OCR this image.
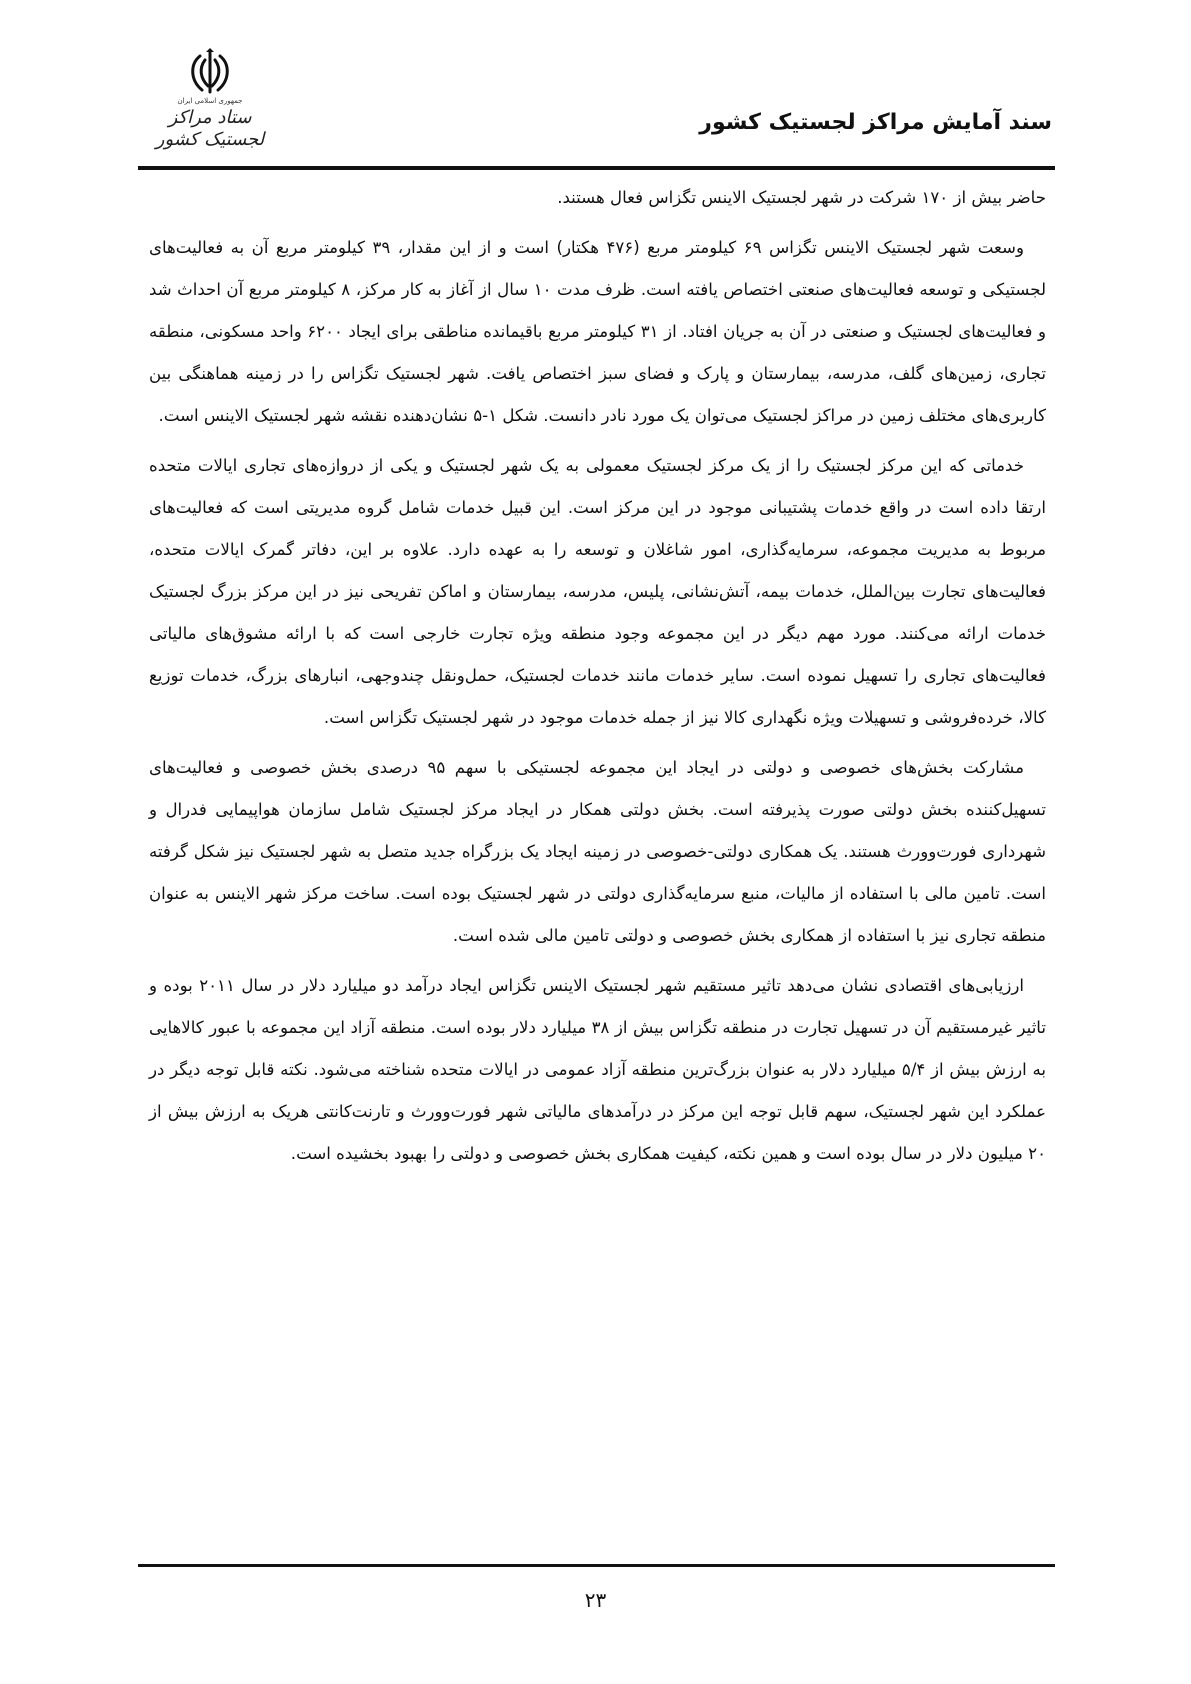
جمهوری اسلامی ایران
ستاد مراکز لجستیک کشور
سند آمایش مراکز لجستیک کشور

حاضر بیش از ۱۷۰ شرکت در شهر لجستیک الاینس تگزاس فعال هستند.

وسعت شهر لجستیک الاینس تگزاس ۶۹ کیلومتر مربع (۴۷۶ هکتار) است و از این مقدار، ۳۹ کیلومتر مربع آن به فعالیت‌های لجستیکی و توسعه فعالیت‌های صنعتی اختصاص یافته است. ظرف مدت ۱۰ سال از آغاز به کار مرکز، ۸ کیلومتر مربع آن احداث شد و فعالیت‌های لجستیک و صنعتی در آن به جریان افتاد. از ۳۱ کیلومتر مربع باقیمانده مناطقی برای ایجاد ۶۲۰۰ واحد مسکونی، منطقه تجاری، زمین‌های گلف، مدرسه، بیمارستان و پارک و فضای سبز اختصاص یافت. شهر لجستیک تگزاس را در زمینه هماهنگی بین کاربری‌های مختلف زمین در مراکز لجستیک می‌توان یک مورد نادر دانست. شکل ۱-۵ نشان‌دهنده نقشه شهر لجستیک الاینس است.

خدماتی که این مرکز لجستیک را از یک مرکز لجستیک معمولی به یک شهر لجستیک و یکی از دروازه‌های تجاری ایالات متحده ارتقا داده است در واقع خدمات پشتیبانی موجود در این مرکز است. این قبیل خدمات شامل گروه مدیریتی است که فعالیت‌های مربوط به مدیریت مجموعه، سرمایه‌گذاری، امور شاغلان و توسعه را به عهده دارد. علاوه بر این، دفاتر گمرک ایالات متحده، فعالیت‌های تجارت بین‌الملل، خدمات بیمه، آتش‌نشانی، پلیس، مدرسه، بیمارستان و اماکن تفریحی نیز در این مرکز بزرگ لجستیک خدمات ارائه می‌کنند. مورد مهم دیگر در این مجموعه وجود منطقه ویژه تجارت خارجی است که با ارائه مشوق‌های مالیاتی فعالیت‌های تجاری را تسهیل نموده است. سایر خدمات مانند خدمات لجستیک، حمل‌ونقل چندوجهی، انبارهای بزرگ، خدمات توزیع کالا، خرده‌فروشی و تسهیلات ویژه نگهداری کالا نیز از جمله خدمات موجود در شهر لجستیک تگزاس است.

مشارکت بخش‌های خصوصی و دولتی در ایجاد این مجموعه لجستیکی با سهم ۹۵ درصدی بخش خصوصی و فعالیت‌های تسهیل‌کننده بخش دولتی صورت پذیرفته است. بخش دولتی همکار در ایجاد مرکز لجستیک شامل سازمان هواپیمایی فدرال و شهرداری فورت‌وورث هستند. یک همکاری دولتی-خصوصی در زمینه ایجاد یک بزرگراه جدید متصل به شهر لجستیک نیز شکل گرفته است. تامین مالی با استفاده از مالیات، منبع سرمایه‌گذاری دولتی در شهر لجستیک بوده است. ساخت مرکز شهر الاینس به عنوان منطقه تجاری نیز با استفاده از همکاری بخش خصوصی و دولتی تامین مالی شده است.

ارزیابی‌های اقتصادی نشان می‌دهد تاثیر مستقیم شهر لجستیک الاینس تگزاس ایجاد درآمد دو میلیارد دلار در سال ۲۰۱۱ بوده و تاثیر غیرمستقیم آن در تسهیل تجارت در منطقه تگزاس بیش از ۳۸ میلیارد دلار بوده است. منطقه آزاد این مجموعه با عبور کالاهایی به ارزش بیش از ۵/۴ میلیارد دلار به عنوان بزرگ‌ترین منطقه آزاد عمومی در ایالات متحده شناخته می‌شود. نکته قابل توجه دیگر در عملکرد این شهر لجستیک، سهم قابل توجه این مرکز در درآمدهای مالیاتی شهر فورت‌وورث و تارنت‌کانتی هریک به ارزش بیش از ۲۰ میلیون دلار در سال بوده است و همین نکته، کیفیت همکاری بخش خصوصی و دولتی را بهبود بخشیده است.

۲۳
